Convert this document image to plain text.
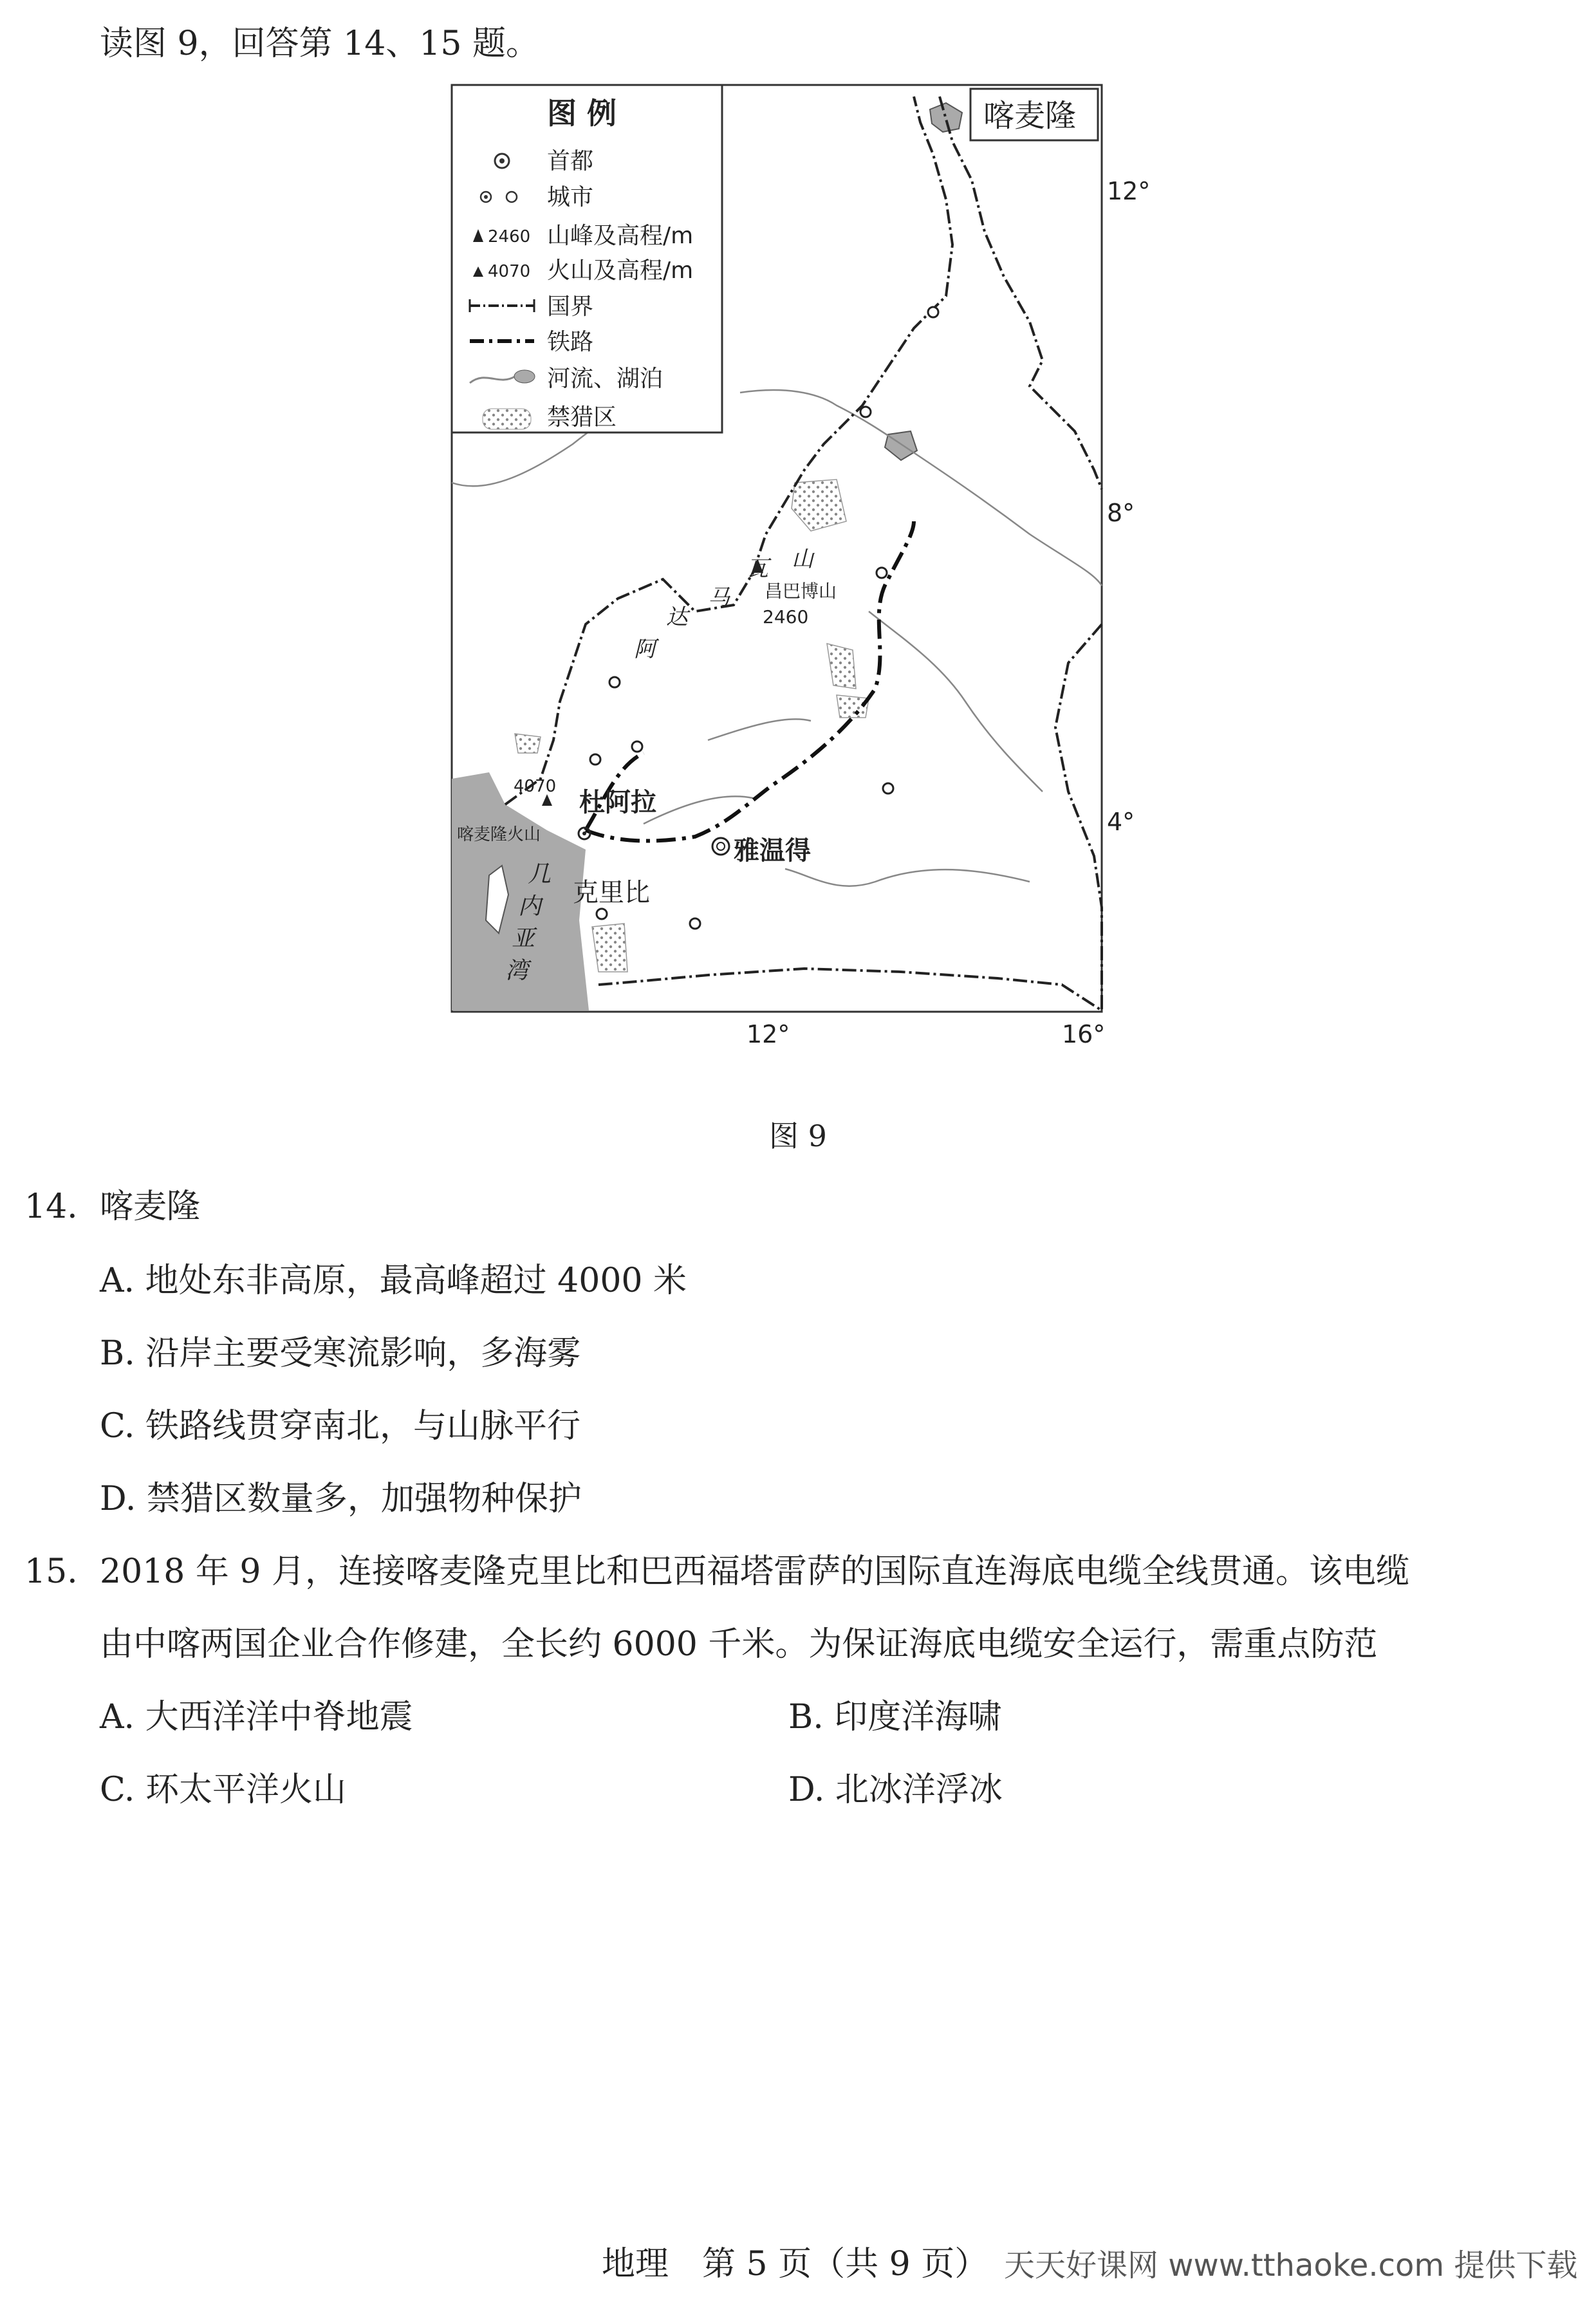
读图 9，回答第 14、15 题。
图 例
2460
4070
首都
城市
山峰及高程/m
火山及高程/m
国界
铁路
河流、湖泊
禁猎区
喀麦隆
雅温得
杜阿拉
克里比
喀麦隆火山
4070
昌巴博山
2460
阿
达
马
瓦 山
几
内
亚
湾
12°
8°
4°
12°	16°
图 9
14. 喀麦隆
A. 地处东非高原，最高峰超过 4000 米
B. 沿岸主要受寒流影响，多海雾
C. 铁路线贯穿南北，与山脉平行
D. 禁猎区数量多，加强物种保护
15. 2018 年 9 月，连接喀麦隆克里比和巴西福塔雷萨的国际直连海底电缆全线贯通。该电缆
由中喀两国企业合作修建，全长约 6000 千米。为保证海底电缆安全运行，需重点防范
A. 大西洋洋中脊地震	B. 印度洋海啸
C. 环太平洋火山	D. 北冰洋浮冰
地理　第 5 页（共 9 页） 天天好课网 www.tthaoke.com 提供下载
